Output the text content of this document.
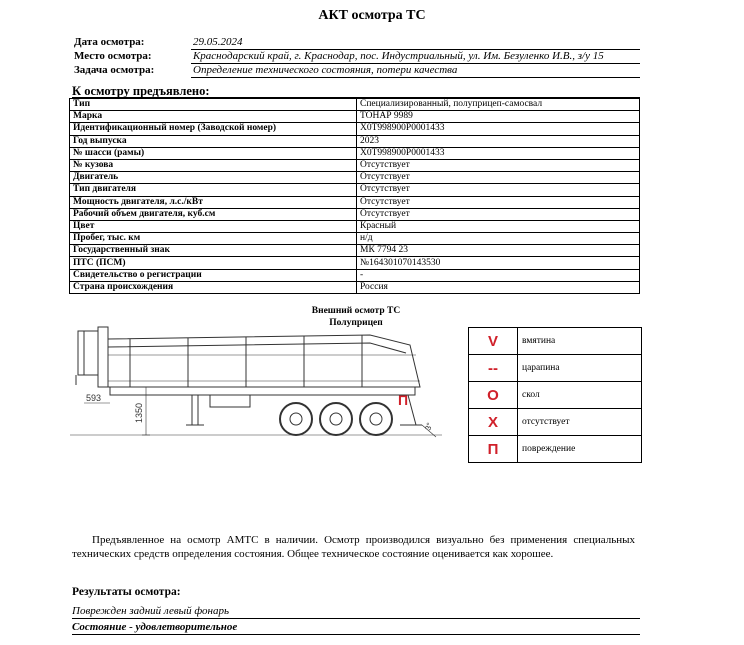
АКТ осмотра ТС
Дата осмотра:	29.05.2024
Место осмотра:	Краснодарский край, г. Краснодар, пос. Индустриальный, ул. Им. Безуленко И.В., з/у 15
Задача осмотра:	Определение технического состояния, потери качества
К осмотру предъявлено:
Тип	Специализированный, полуприцеп-самосвал
Марка	ТОНАР 9989
Идентификационный номер (Заводской номер)	X0T998900P0001433
Год выпуска	2023
№ шасси (рамы)	X0T998900P0001433
№ кузова	Отсутствует
Двигатель	Отсутствует
Тип двигателя	Отсутствует
Мощность двигателя, л.с./кВт	Отсутствует
Рабочий объем двигателя, куб.см	Отсутствует
Цвет	Красный
Пробег, тыс. км	н/д
Государственный знак	МК 7794 23
ПТС (ПСМ)	№164301070143530
Свидетельство о регистрации	-
Страна происхождения	Россия
Внешний осмотр ТС
Полуприцеп
593
1350
3°
П
V	вмятина
--	царапина
О	скол
Х	отсутствует
П	повреждение
Предъявленное на осмотр АМТС в наличии. Осмотр производился визуально без применения специальных технических средств определения состояния. Общее техническое состояние оценивается как хорошее.
Результаты осмотра:
Поврежден задний левый фонарь
Состояние - удовлетворительное
